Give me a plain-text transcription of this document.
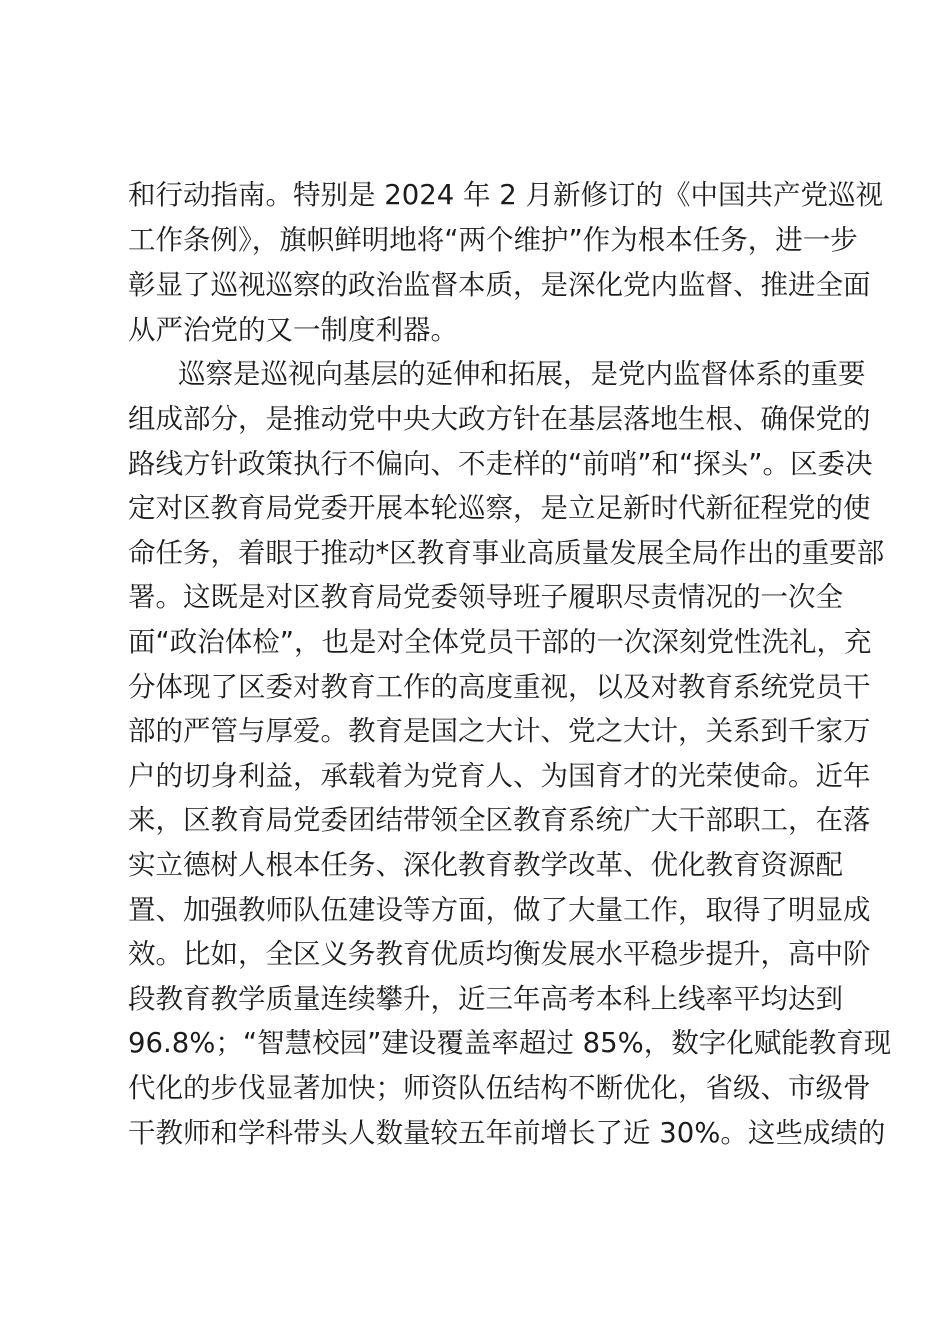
和行动指南。特别是 2024 年 2 月新修订的《中国共产党巡视

工作条例》，旗帜鲜明地将“两个维护”作为根本任务，进一步

彰显了巡视巡察的政治监督本质，是深化党内监督、推进全面

从严治党的又一制度利器。

巡察是巡视向基层的延伸和拓展，是党内监督体系的重要

组成部分，是推动党中央大政方针在基层落地生根、确保党的

路线方针政策执行不偏向、不走样的“前哨”和“探头”。区委决

定对区教育局党委开展本轮巡察，是立足新时代新征程党的使

命任务，着眼于推动*区教育事业高质量发展全局作出的重要部

署。这既是对区教育局党委领导班子履职尽责情况的一次全

面“政治体检”，也是对全体党员干部的一次深刻党性洗礼，充

分体现了区委对教育工作的高度重视，以及对教育系统党员干

部的严管与厚爱。教育是国之大计、党之大计，关系到千家万

户的切身利益，承载着为党育人、为国育才的光荣使命。近年

来，区教育局党委团结带领全区教育系统广大干部职工，在落

实立德树人根本任务、深化教育教学改革、优化教育资源配

置、加强教师队伍建设等方面，做了大量工作，取得了明显成

效。比如，全区义务教育优质均衡发展水平稳步提升，高中阶

段教育教学质量连续攀升，近三年高考本科上线率平均达到

96.8%；“智慧校园”建设覆盖率超过 85%，数字化赋能教育现

代化的步伐显著加快；师资队伍结构不断优化，省级、市级骨

干教师和学科带头人数量较五年前增长了近 30%。这些成绩的
